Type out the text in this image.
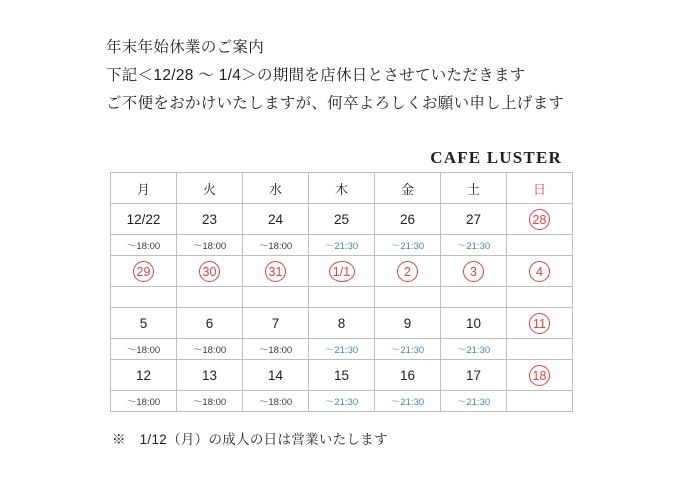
年末年始休業のご案内
下記＜12/28 ～ 1/4＞の期間を店休日とさせていただきます
ご不便をおかけいたしますが、何卒よろしくお願い申し上げます
CAFE LUSTER
月	火	水	木	金	土	日
12/22	23	24	25	26	27	28
～18:00	～18:00	～18:00	～21:30	～21:30	～21:30	
29	30	31	1/1	2	3	4

5	6	7	8	9	10	11
～18:00	～18:00	～18:00	～21:30	～21:30	～21:30	
12	13	14	15	16	17	18
～18:00	～18:00	～18:00	～21:30	～21:30	～21:30	
※　1/12（月）の成人の日は営業いたします
